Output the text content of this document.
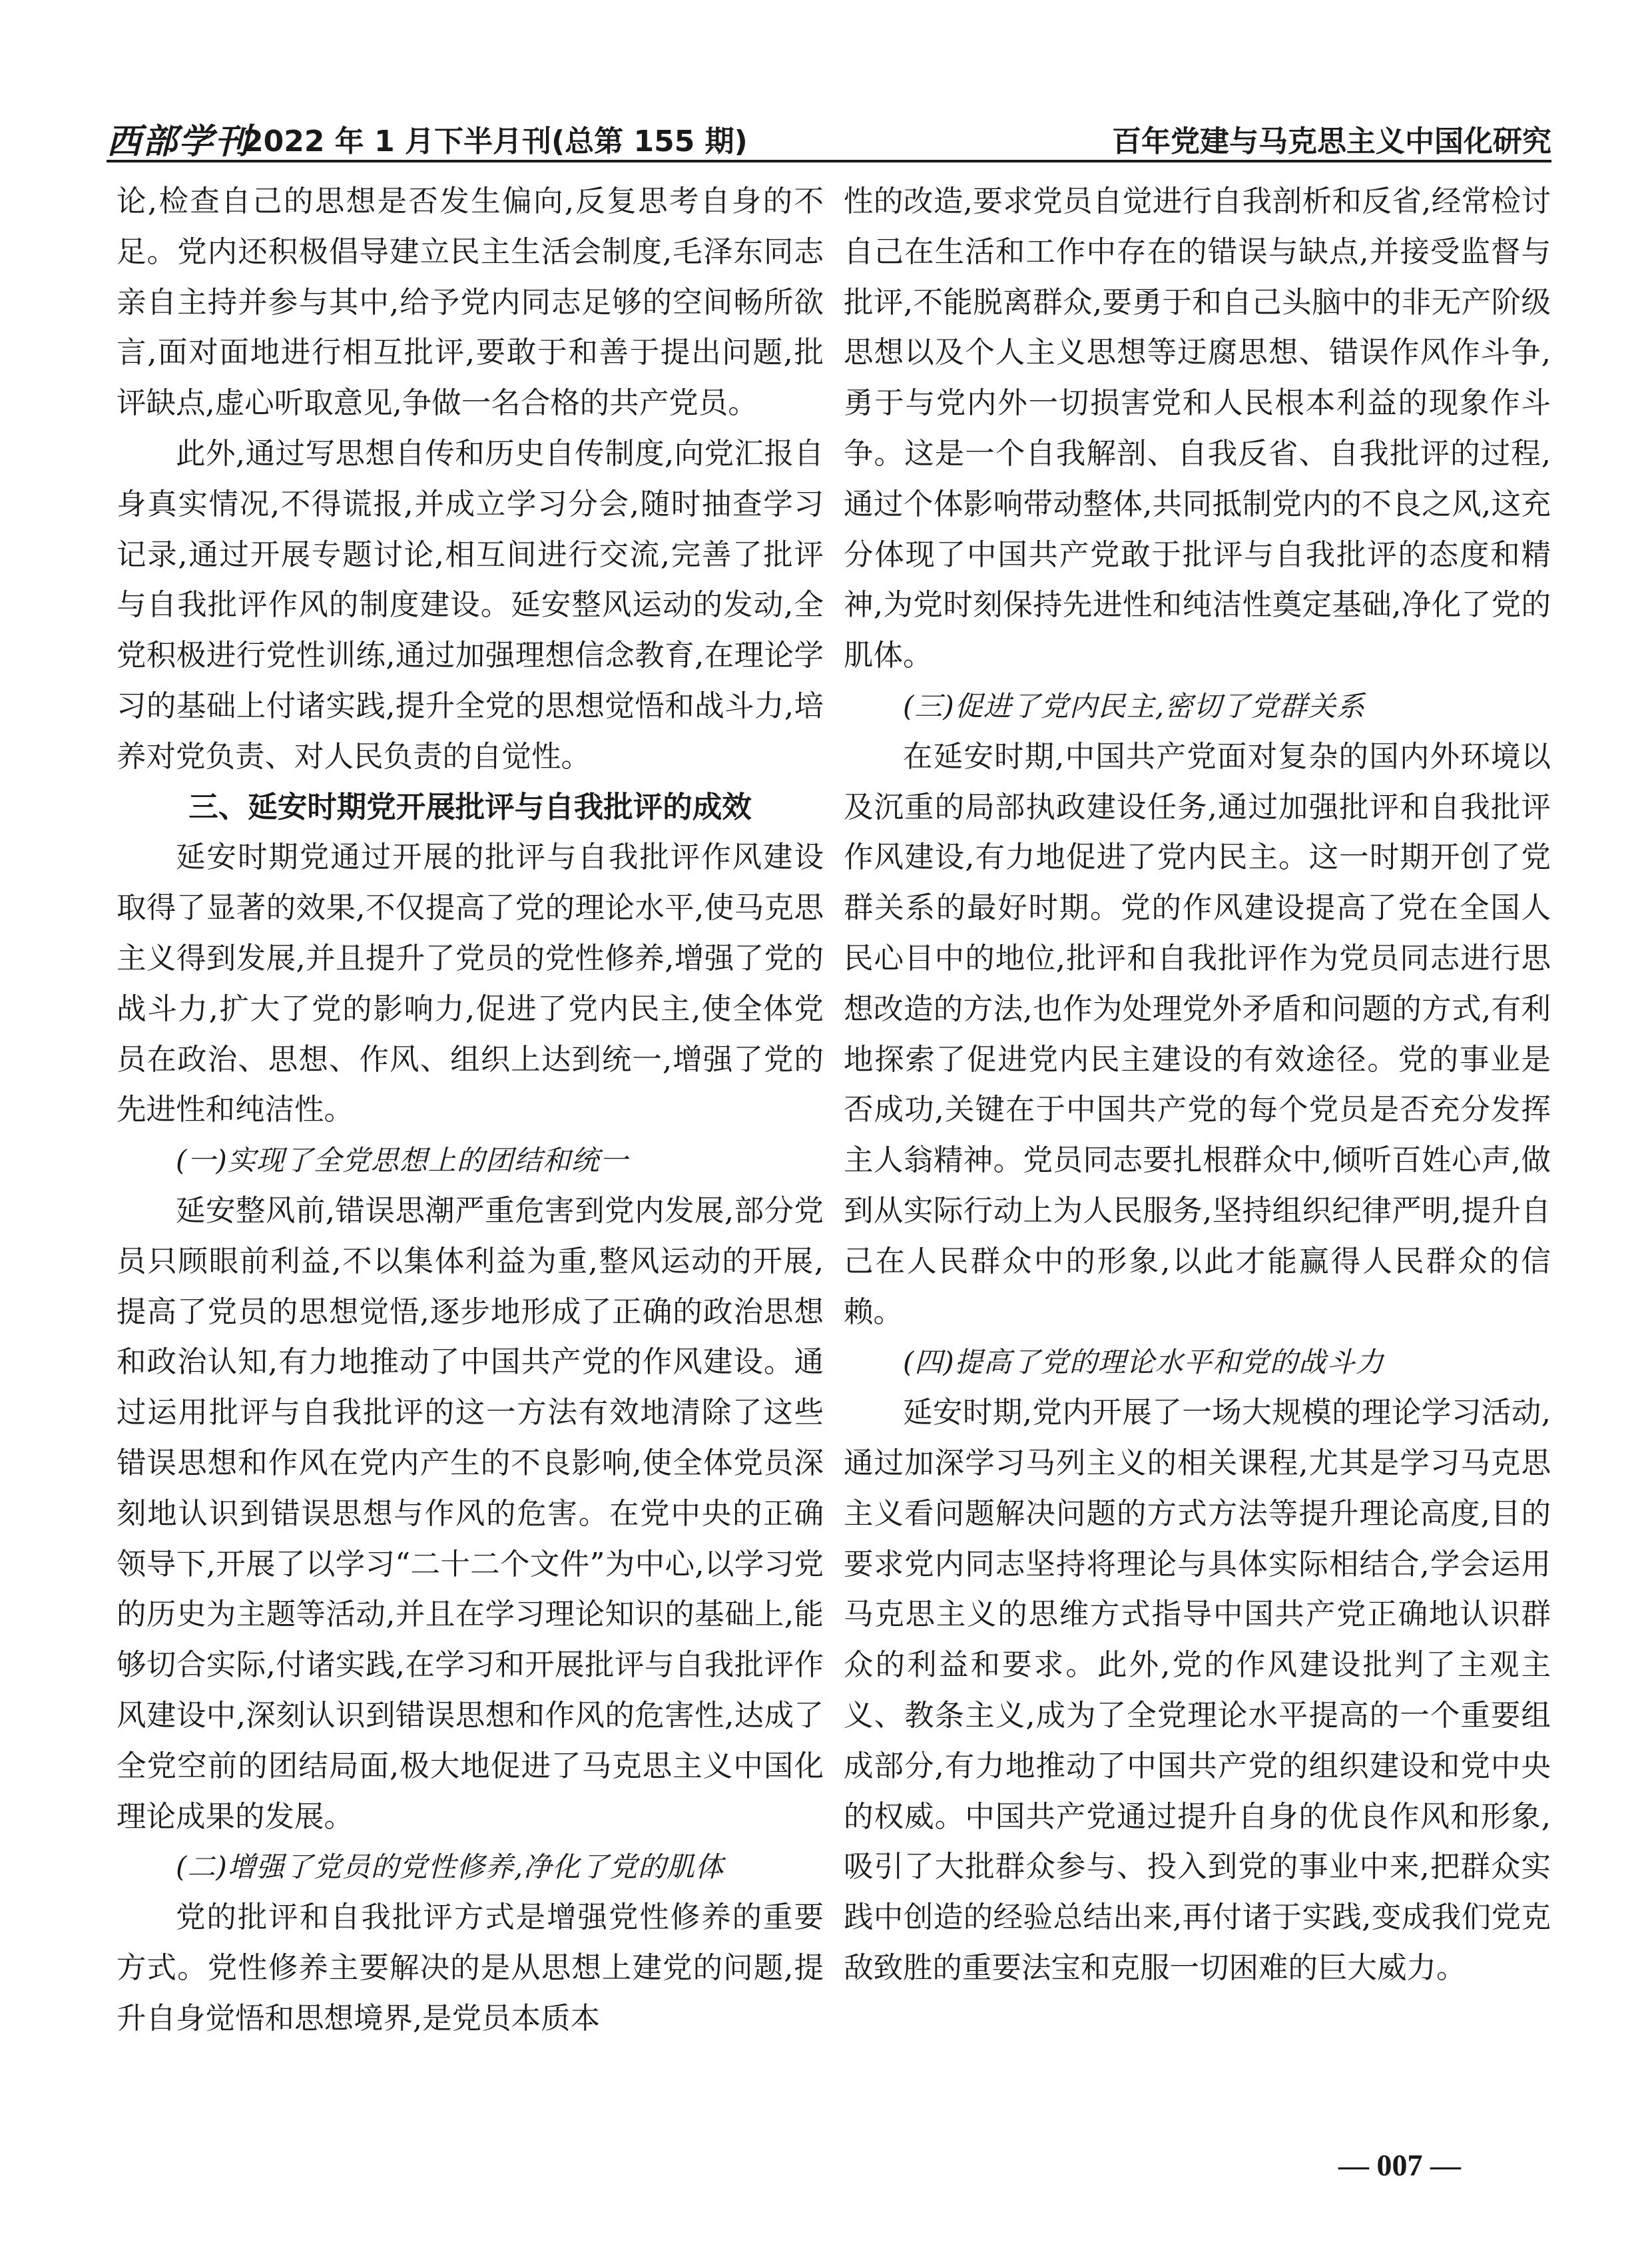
西部学刊
2022 年 1 月下半月刊(总第 155 期)	百年党建与马克思主义中国化研究

论,检查自己的思想是否发生偏向,反复思考自身的不足。党内还积极倡导建立民主生活会制度,毛泽东同志亲自主持并参与其中,给予党内同志足够的空间畅所欲言,面对面地进行相互批评,要敢于和善于提出问题,批评缺点,虚心听取意见,争做一名合格的共产党员。

此外,通过写思想自传和历史自传制度,向党汇报自身真实情况,不得谎报,并成立学习分会,随时抽查学习记录,通过开展专题讨论,相互间进行交流,完善了批评与自我批评作风的制度建设。延安整风运动的发动,全党积极进行党性训练,通过加强理想信念教育,在理论学习的基础上付诸实践,提升全党的思想觉悟和战斗力,培养对党负责、对人民负责的自觉性。

三、延安时期党开展批评与自我批评的成效

延安时期党通过开展的批评与自我批评作风建设取得了显著的效果,不仅提高了党的理论水平,使马克思主义得到发展,并且提升了党员的党性修养,增强了党的战斗力,扩大了党的影响力,促进了党内民主,使全体党员在政治、思想、作风、组织上达到统一,增强了党的先进性和纯洁性。

(一)实现了全党思想上的团结和统一

延安整风前,错误思潮严重危害到党内发展,部分党员只顾眼前利益,不以集体利益为重,整风运动的开展,提高了党员的思想觉悟,逐步地形成了正确的政治思想和政治认知,有力地推动了中国共产党的作风建设。通过运用批评与自我批评的这一方法有效地清除了这些错误思想和作风在党内产生的不良影响,使全体党员深刻地认识到错误思想与作风的危害。在党中央的正确领导下,开展了以学习“二十二个文件”为中心,以学习党的历史为主题等活动,并且在学习理论知识的基础上,能够切合实际,付诸实践,在学习和开展批评与自我批评作风建设中,深刻认识到错误思想和作风的危害性,达成了全党空前的团结局面,极大地促进了马克思主义中国化理论成果的发展。

(二)增强了党员的党性修养,净化了党的肌体

党的批评和自我批评方式是增强党性修养的重要方式。党性修养主要解决的是从思想上建党的问题,提升自身觉悟和思想境界,是党员本质本

性的改造,要求党员自觉进行自我剖析和反省,经常检讨自己在生活和工作中存在的错误与缺点,并接受监督与批评,不能脱离群众,要勇于和自己头脑中的非无产阶级思想以及个人主义思想等迂腐思想、错误作风作斗争,勇于与党内外一切损害党和人民根本利益的现象作斗争。这是一个自我解剖、自我反省、自我批评的过程,通过个体影响带动整体,共同抵制党内的不良之风,这充分体现了中国共产党敢于批评与自我批评的态度和精神,为党时刻保持先进性和纯洁性奠定基础,净化了党的肌体。

(三)促进了党内民主,密切了党群关系

在延安时期,中国共产党面对复杂的国内外环境以及沉重的局部执政建设任务,通过加强批评和自我批评作风建设,有力地促进了党内民主。这一时期开创了党群关系的最好时期。党的作风建设提高了党在全国人民心目中的地位,批评和自我批评作为党员同志进行思想改造的方法,也作为处理党外矛盾和问题的方式,有利地探索了促进党内民主建设的有效途径。党的事业是否成功,关键在于中国共产党的每个党员是否充分发挥主人翁精神。党员同志要扎根群众中,倾听百姓心声,做到从实际行动上为人民服务,坚持组织纪律严明,提升自己在人民群众中的形象,以此才能赢得人民群众的信赖。

(四)提高了党的理论水平和党的战斗力

延安时期,党内开展了一场大规模的理论学习活动,通过加深学习马列主义的相关课程,尤其是学习马克思主义看问题解决问题的方式方法等提升理论高度,目的要求党内同志坚持将理论与具体实际相结合,学会运用马克思主义的思维方式指导中国共产党正确地认识群众的利益和要求。此外,党的作风建设批判了主观主义、教条主义,成为了全党理论水平提高的一个重要组成部分,有力地推动了中国共产党的组织建设和党中央的权威。中国共产党通过提升自身的优良作风和形象,吸引了大批群众参与、投入到党的事业中来,把群众实践中创造的经验总结出来,再付诸于实践,变成我们党克敌致胜的重要法宝和克服一切困难的巨大威力。

— 007 —
